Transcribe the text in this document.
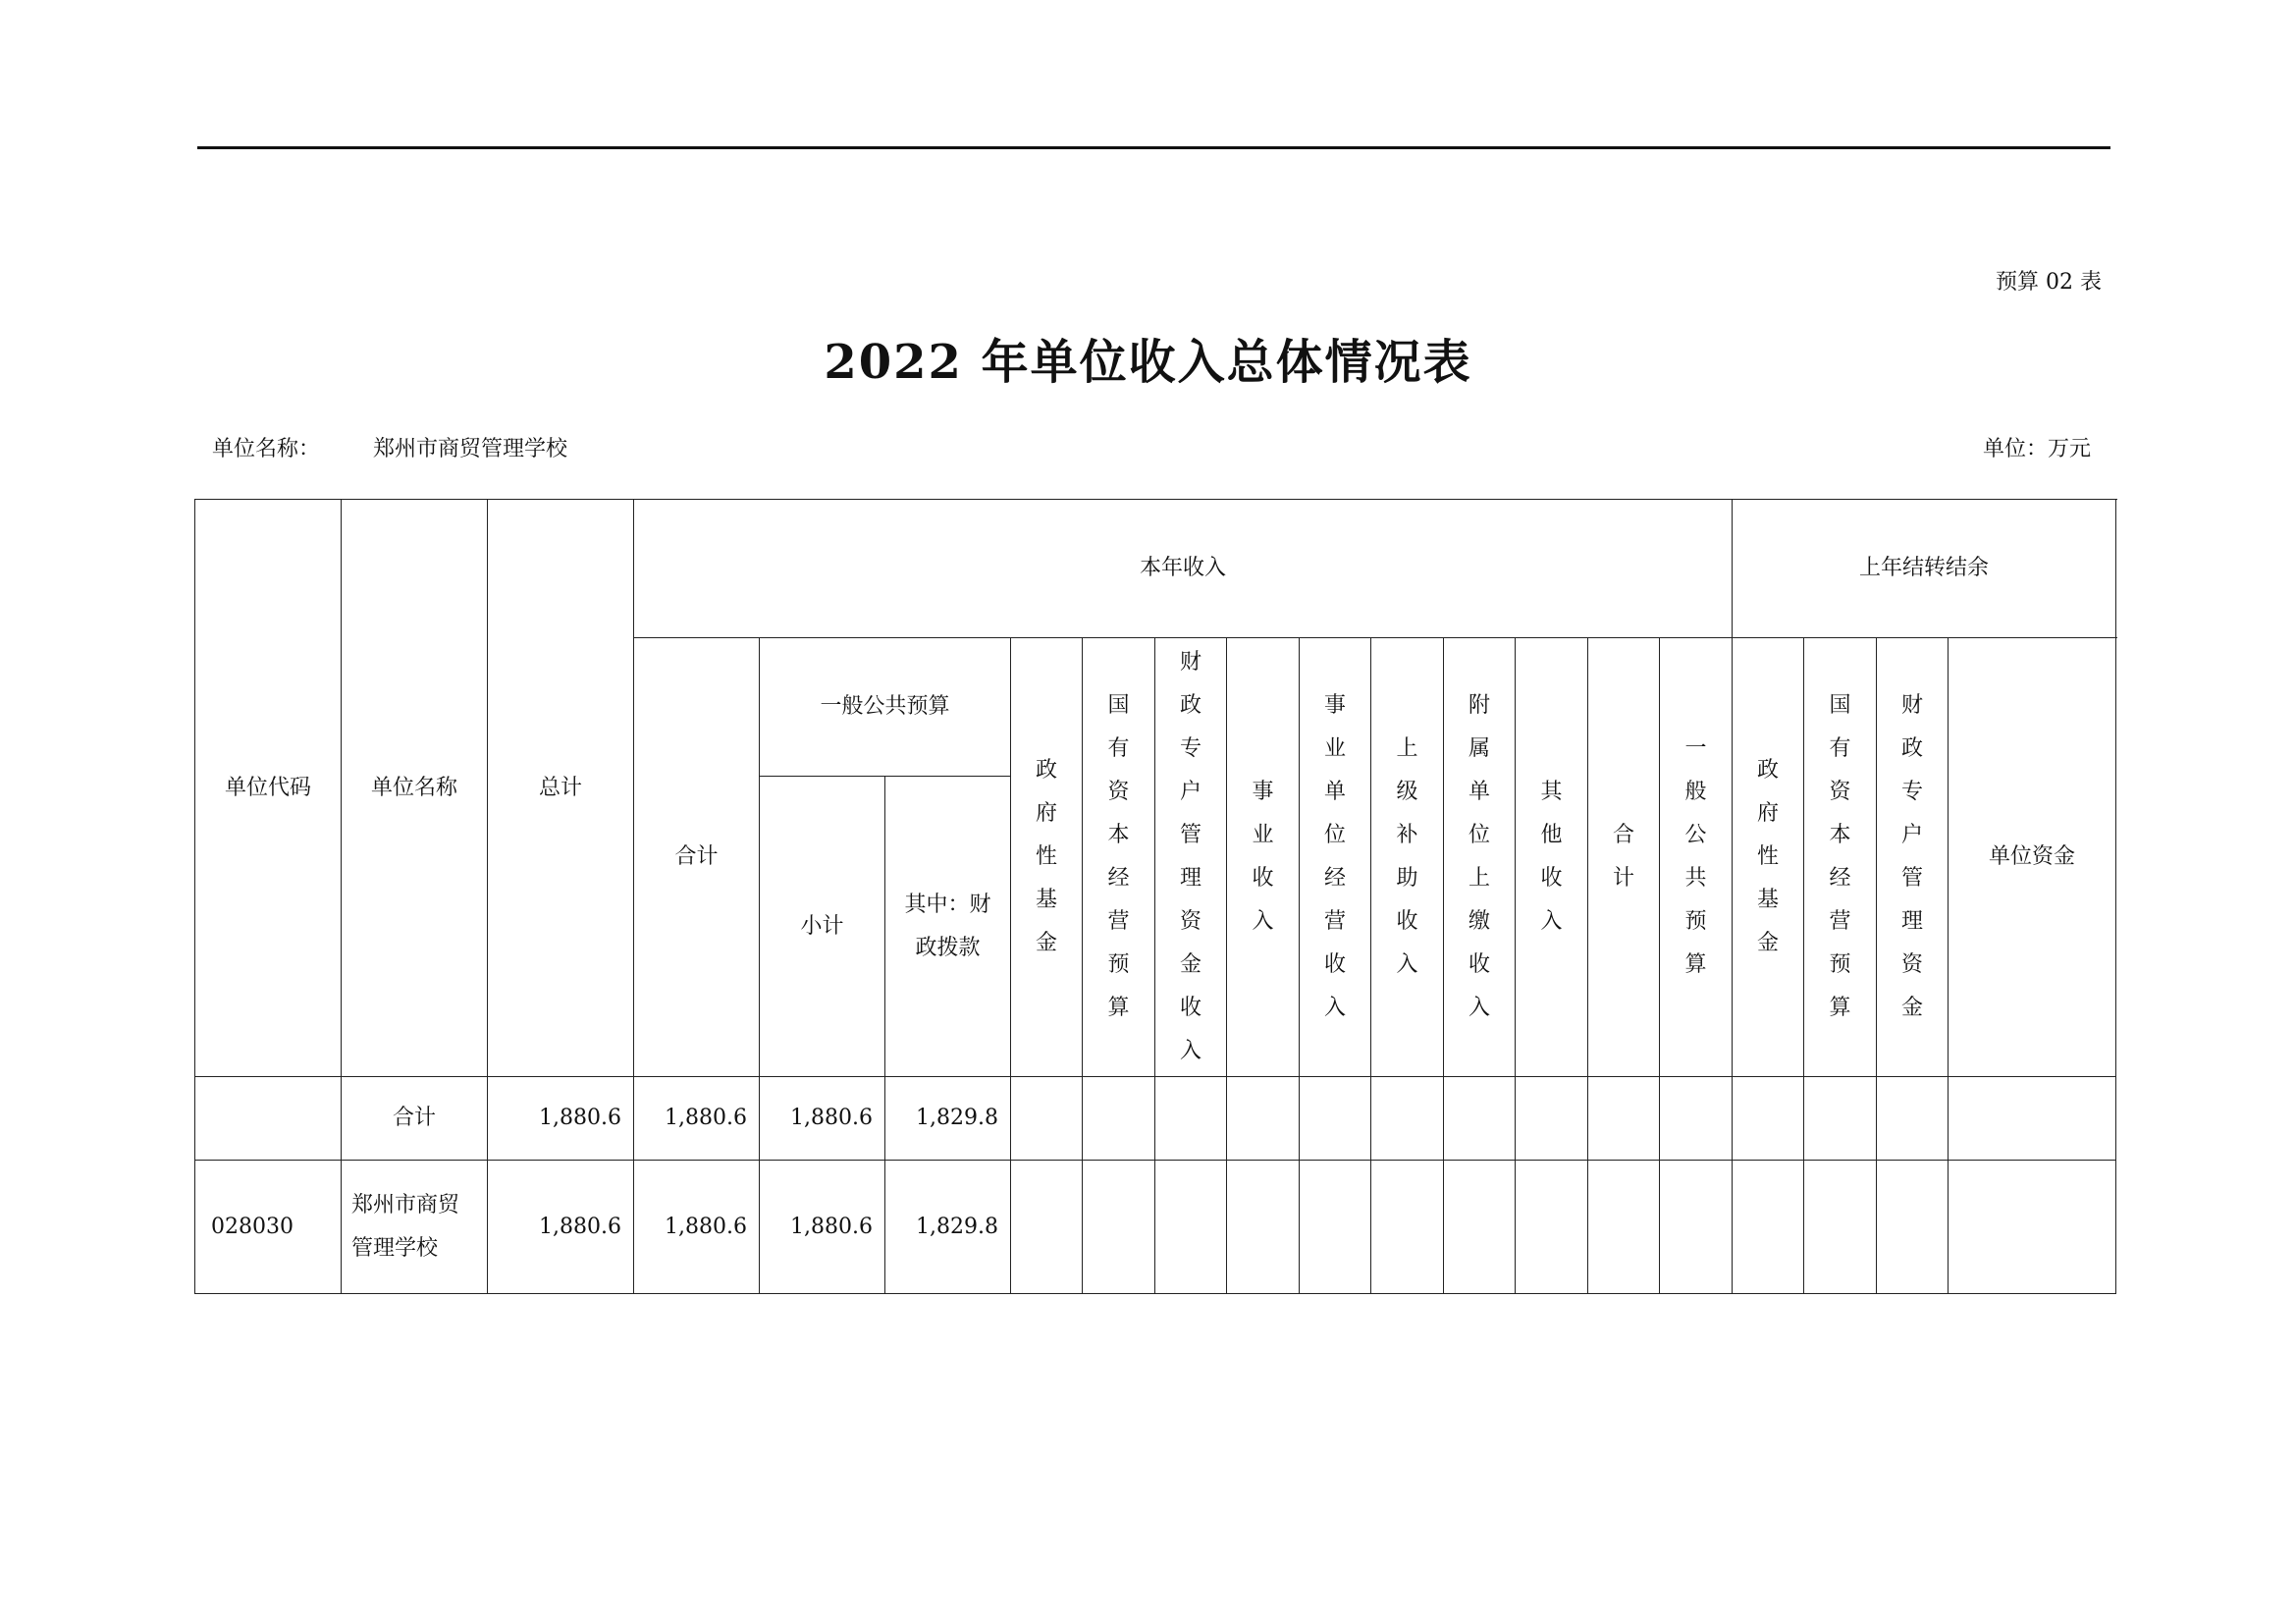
预算 02 表
2022 年单位收入总体情况表
单位名称： 郑州市商贸管理学校	单位：万元
单位代码	单位名称	总计	本年收入													上年结转结余			
			合计	一般公共预算		政府性基金	国有资本经营预算	财政专户管理资金收入	事业收入	事业单位经营收入	上级补助收入	附属单位上缴收入	其他收入	合计	一般公共预算	政府性基金	国有资本经营预算	财政专户管理资金	单位资金
				小计	其中：财政拨款														

	合计	1,880.6	1,880.6	1,880.6	1,829.8														
028030	郑州市商贸管理学校	1,880.6	1,880.6	1,880.6	1,829.8														
